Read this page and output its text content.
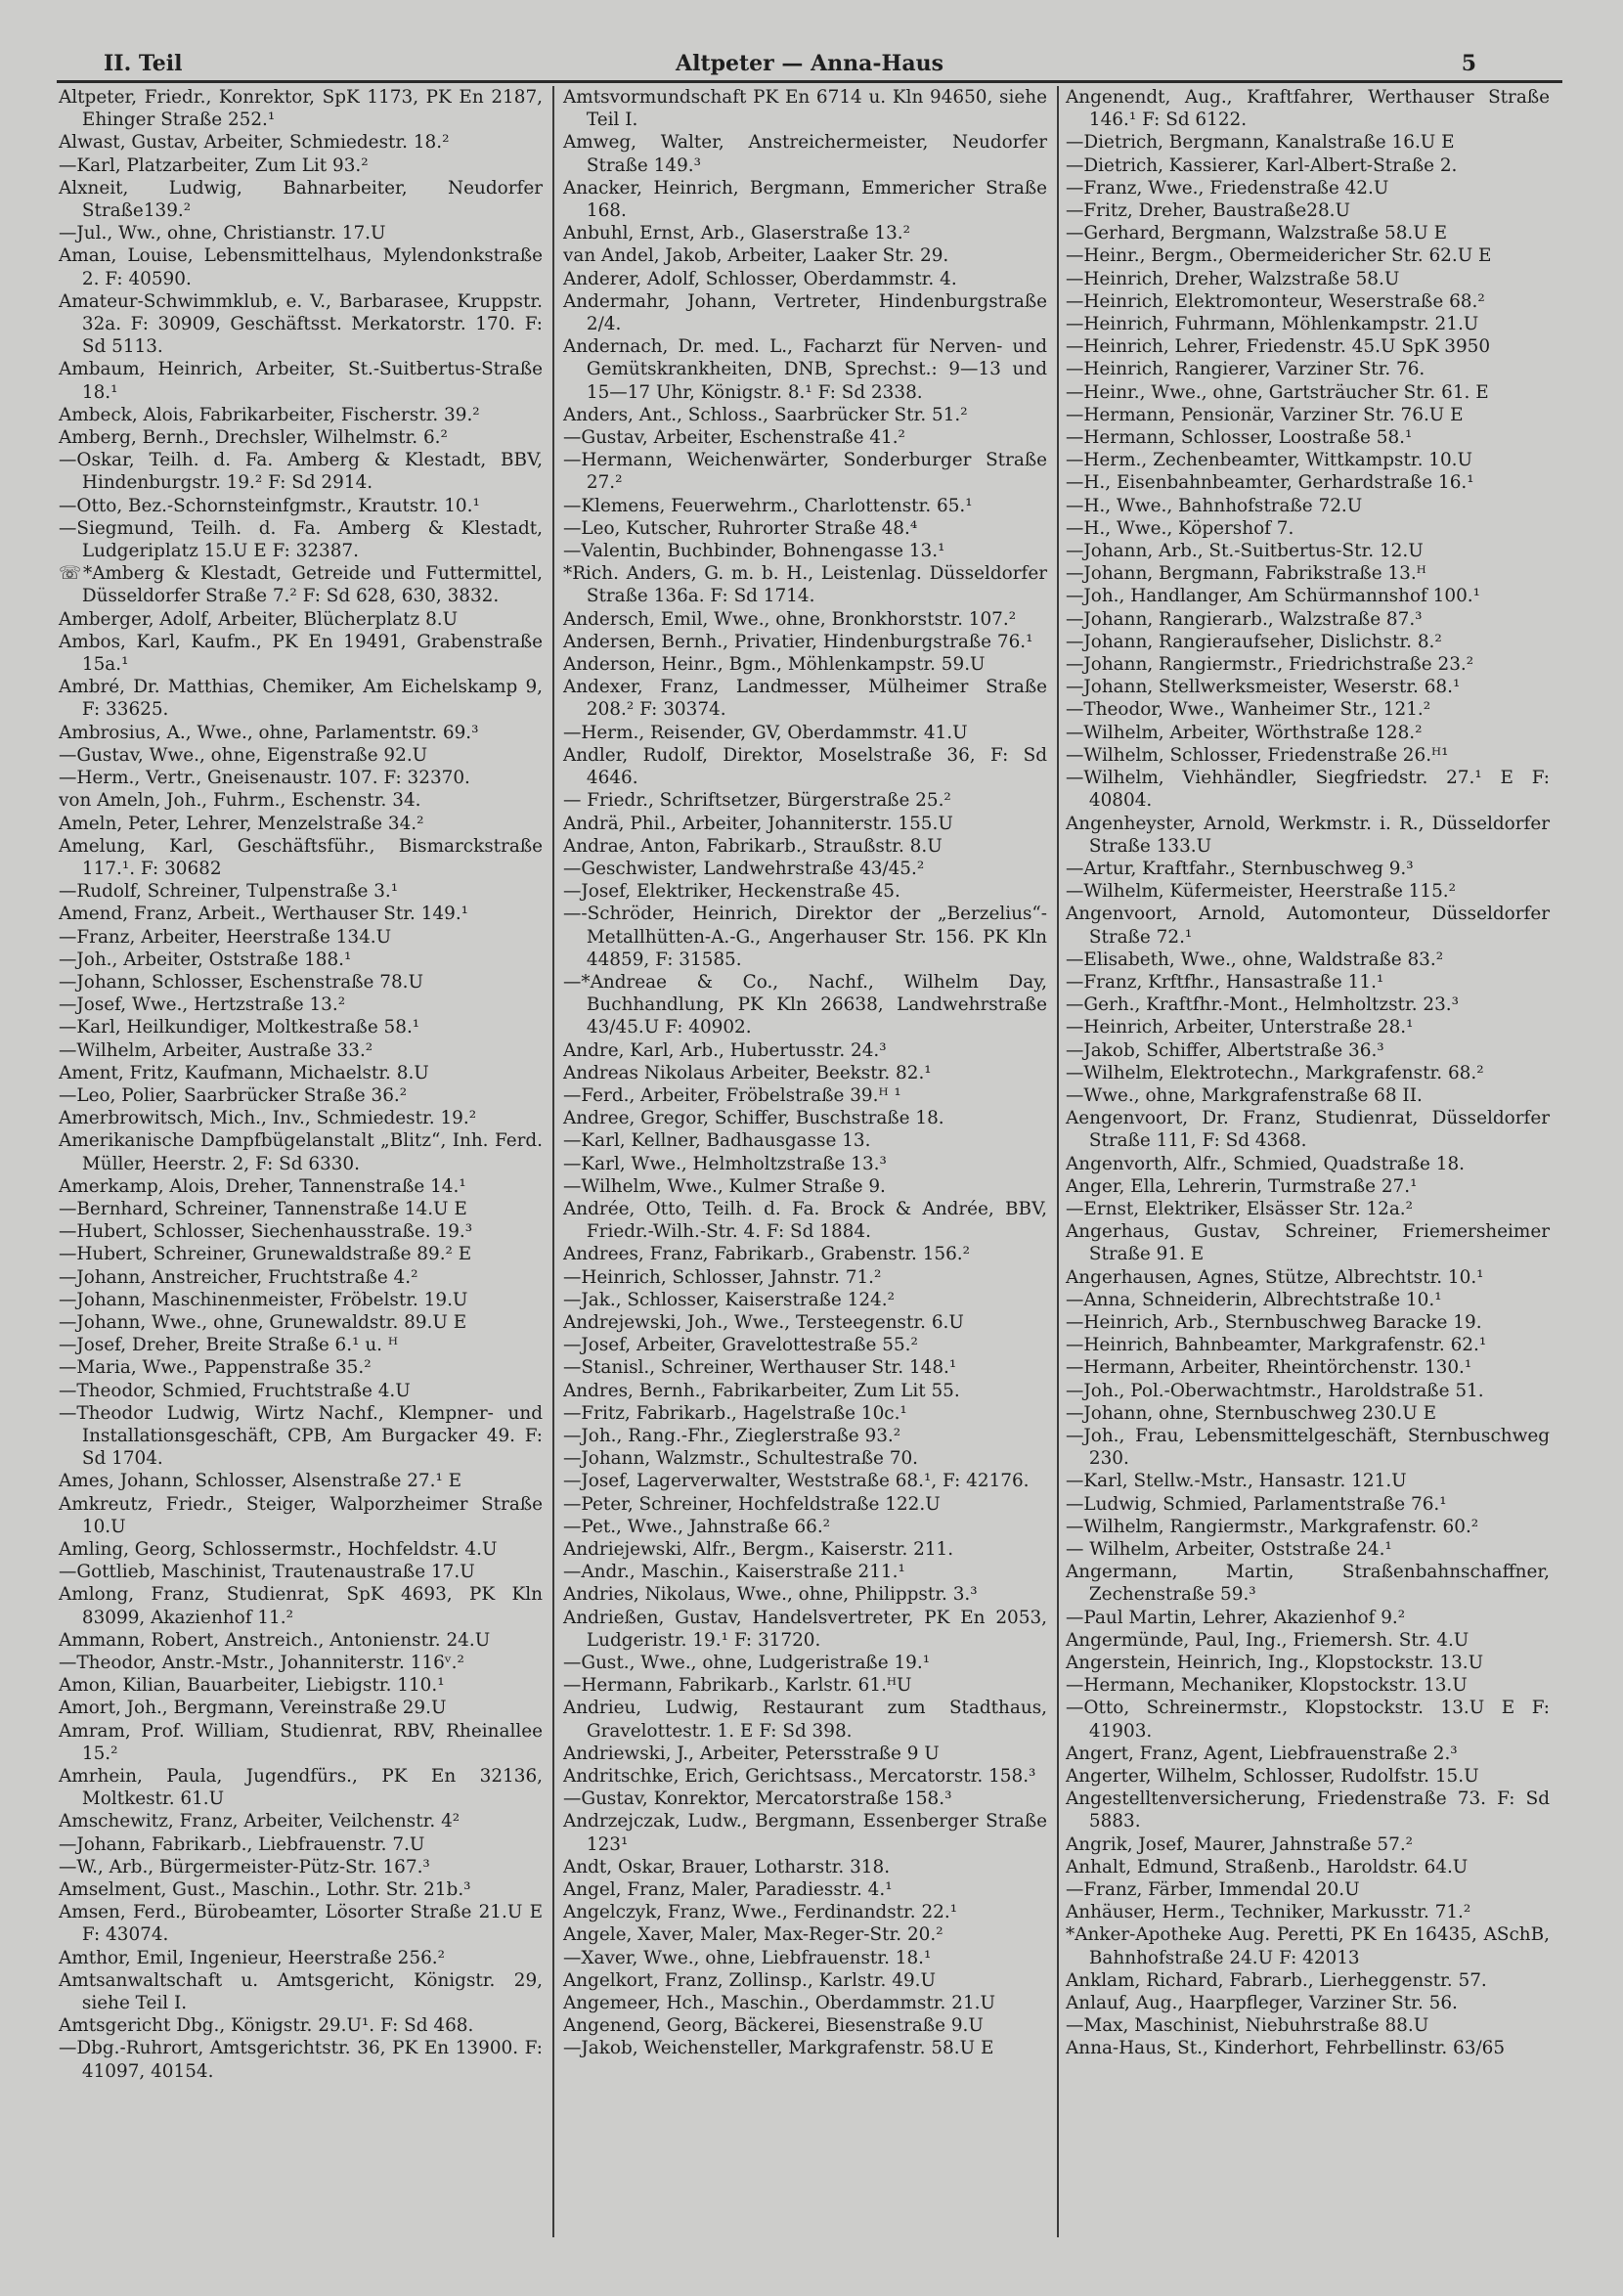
II. Teil	Altpeter — Anna-Haus	5
Altpeter, Friedr., Konrektor, SpK 1173, PK En 2187, Ehinger Straße 252.¹
Alwast, Gustav, Arbeiter, Schmiedestr. 18.²
—Karl, Platzarbeiter, Zum Lit 93.²
Alxneit, Ludwig, Bahnarbeiter, Neudorfer Straße139.²
—Jul., Ww., ohne, Christianstr. 17.U
Aman, Louise, Lebensmittelhaus, Mylendonkstraße 2. F: 40590.
Amateur-Schwimmklub, e. V., Barbarasee, Kruppstr. 32a. F: 30909, Geschäftsst. Merkatorstr. 170. F: Sd 5113.
Ambaum, Heinrich, Arbeiter, St.-Suitbertus-Straße 18.¹
Ambeck, Alois, Fabrikarbeiter, Fischerstr. 39.²
Amberg, Bernh., Drechsler, Wilhelmstr. 6.²
—Oskar, Teilh. d. Fa. Amberg & Klestadt, BBV, Hindenburgstr. 19.² F: Sd 2914.
—Otto, Bez.-Schornsteinfgmstr., Krautstr. 10.¹
—Siegmund, Teilh. d. Fa. Amberg & Klestadt, Ludgeriplatz 15.U E F: 32387.
☏ *Amberg & Klestadt, Getreide und Futtermittel, Düsseldorfer Straße 7.² F: Sd 628, 630, 3832.
Amberger, Adolf, Arbeiter, Blücherplatz 8.U
Ambos, Karl, Kaufm., PK En 19491, Grabenstraße 15a.¹
Ambré, Dr. Matthias, Chemiker, Am Eichelskamp 9, F: 33625.
Ambrosius, A., Wwe., ohne, Parlamentstr. 69.³
—Gustav, Wwe., ohne, Eigenstraße 92.U
—Herm., Vertr., Gneisenaustr. 107. F: 32370.
von Ameln, Joh., Fuhrm., Eschenstr. 34.
Ameln, Peter, Lehrer, Menzelstraße 34.²
Amelung, Karl, Geschäftsführ., Bismarckstraße 117.¹. F: 30682
—Rudolf, Schreiner, Tulpenstraße 3.¹
Amend, Franz, Arbeit., Werthauser Str. 149.¹
—Franz, Arbeiter, Heerstraße 134.U
—Joh., Arbeiter, Oststraße 188.¹
—Johann, Schlosser, Eschenstraße 78.U
—Josef, Wwe., Hertzstraße 13.²
—Karl, Heilkundiger, Moltkestraße 58.¹
—Wilhelm, Arbeiter, Austraße 33.²
Ament, Fritz, Kaufmann, Michaelstr. 8.U
—Leo, Polier, Saarbrücker Straße 36.²
Amerbrowitsch, Mich., Inv., Schmiedestr. 19.²
Amerikanische Dampfbügelanstalt „Blitz“, Inh. Ferd. Müller, Heerstr. 2, F: Sd 6330.
Amerkamp, Alois, Dreher, Tannenstraße 14.¹
—Bernhard, Schreiner, Tannenstraße 14.U E
—Hubert, Schlosser, Siechenhausstraße. 19.³
—Hubert, Schreiner, Grunewaldstraße 89.² E
—Johann, Anstreicher, Fruchtstraße 4.²
—Johann, Maschinenmeister, Fröbelstr. 19.U
—Johann, Wwe., ohne, Grunewaldstr. 89.U E
—Josef, Dreher, Breite Straße 6.¹ u. ᴴ
—Maria, Wwe., Pappenstraße 35.²
—Theodor, Schmied, Fruchtstraße 4.U
—Theodor Ludwig, Wirtz Nachf., Klempner- und Installationsgeschäft, CPB, Am Burgacker 49. F: Sd 1704.
Ames, Johann, Schlosser, Alsenstraße 27.¹ E
Amkreutz, Friedr., Steiger, Walporzheimer Straße 10.U
Amling, Georg, Schlossermstr., Hochfeldstr. 4.U
—Gottlieb, Maschinist, Trautenaustraße 17.U
Amlong, Franz, Studienrat, SpK 4693, PK Kln 83099, Akazienhof 11.²
Ammann, Robert, Anstreich., Antonienstr. 24.U
—Theodor, Anstr.-Mstr., Johanniterstr. 116ᵛ.²
Amon, Kilian, Bauarbeiter, Liebigstr. 110.¹
Amort, Joh., Bergmann, Vereinstraße 29.U
Amram, Prof. William, Studienrat, RBV, Rheinallee 15.²
Amrhein, Paula, Jugendfürs., PK En 32136, Moltkestr. 61.U
Amschewitz, Franz, Arbeiter, Veilchenstr. 4²
—Johann, Fabrikarb., Liebfrauenstr. 7.U
—W., Arb., Bürgermeister-Pütz-Str. 167.³
Amselment, Gust., Maschin., Lothr. Str. 21b.³
Amsen, Ferd., Bürobeamter, Lösorter Straße 21.U E F: 43074.
Amthor, Emil, Ingenieur, Heerstraße 256.²
Amtsanwaltschaft u. Amtsgericht, Königstr. 29, siehe Teil I.
Amtsgericht Dbg., Königstr. 29.U¹. F: Sd 468.
—Dbg.-Ruhrort, Amtsgerichtstr. 36, PK En 13900. F: 41097, 40154.
Amtsvormundschaft PK En 6714 u. Kln 94650, siehe Teil I.
Amweg, Walter, Anstreichermeister, Neudorfer Straße 149.³
Anacker, Heinrich, Bergmann, Emmericher Straße 168.
Anbuhl, Ernst, Arb., Glaserstraße 13.²
van Andel, Jakob, Arbeiter, Laaker Str. 29.
Anderer, Adolf, Schlosser, Oberdammstr. 4.
Andermahr, Johann, Vertreter, Hindenburgstraße 2/4.
Andernach, Dr. med. L., Facharzt für Nerven- und Gemütskrankheiten, DNB, Sprechst.: 9—13 und 15—17 Uhr, Königstr. 8.¹ F: Sd 2338.
Anders, Ant., Schloss., Saarbrücker Str. 51.²
—Gustav, Arbeiter, Eschenstraße 41.²
—Hermann, Weichenwärter, Sonderburger Straße 27.²
—Klemens, Feuerwehrm., Charlottenstr. 65.¹
—Leo, Kutscher, Ruhrorter Straße 48.⁴
—Valentin, Buchbinder, Bohnengasse 13.¹
*Rich. Anders, G. m. b. H., Leistenlag. Düsseldorfer Straße 136a. F: Sd 1714.
Andersch, Emil, Wwe., ohne, Bronkhorststr. 107.²
Andersen, Bernh., Privatier, Hindenburgstraße 76.¹
Anderson, Heinr., Bgm., Möhlenkampstr. 59.U
Andexer, Franz, Landmesser, Mülheimer Straße 208.² F: 30374.
—Herm., Reisender, GV, Oberdammstr. 41.U
Andler, Rudolf, Direktor, Moselstraße 36, F: Sd 4646.
— Friedr., Schriftsetzer, Bürgerstraße 25.²
Andrä, Phil., Arbeiter, Johanniterstr. 155.U
Andrae, Anton, Fabrikarb., Straußstr. 8.U
—Geschwister, Landwehrstraße 43/45.²
—Josef, Elektriker, Heckenstraße 45.
—-Schröder, Heinrich, Direktor der „Berzelius“-Metallhütten-A.-G., Angerhauser Str. 156. PK Kln 44859, F: 31585.
—*Andreae & Co., Nachf., Wilhelm Day, Buchhandlung, PK Kln 26638, Landwehrstraße 43/45.U F: 40902.
Andre, Karl, Arb., Hubertusstr. 24.³
Andreas Nikolaus Arbeiter, Beekstr. 82.¹
—Ferd., Arbeiter, Fröbelstraße 39.ᴴ ¹
Andree, Gregor, Schiffer, Buschstraße 18.
—Karl, Kellner, Badhausgasse 13.
—Karl, Wwe., Helmholtzstraße 13.³
—Wilhelm, Wwe., Kulmer Straße 9.
Andrée, Otto, Teilh. d. Fa. Brock & Andrée, BBV, Friedr.-Wilh.-Str. 4. F: Sd 1884.
Andrees, Franz, Fabrikarb., Grabenstr. 156.²
—Heinrich, Schlosser, Jahnstr. 71.²
—Jak., Schlosser, Kaiserstraße 124.²
Andrejewski, Joh., Wwe., Tersteegenstr. 6.U
—Josef, Arbeiter, Gravelottestraße 55.²
—Stanisl., Schreiner, Werthauser Str. 148.¹
Andres, Bernh., Fabrikarbeiter, Zum Lit 55.
—Fritz, Fabrikarb., Hagelstraße 10c.¹
—Joh., Rang.-Fhr., Zieglerstraße 93.²
—Johann, Walzmstr., Schultestraße 70.
—Josef, Lagerverwalter, Weststraße 68.¹, F: 42176.
—Peter, Schreiner, Hochfeldstraße 122.U
—Pet., Wwe., Jahnstraße 66.²
Andriejewski, Alfr., Bergm., Kaiserstr. 211.
—Andr., Maschin., Kaiserstraße 211.¹
Andries, Nikolaus, Wwe., ohne, Philippstr. 3.³
Andrießen, Gustav, Handelsvertreter, PK En 2053, Ludgeristr. 19.¹ F: 31720.
—Gust., Wwe., ohne, Ludgeristraße 19.¹
—Hermann, Fabrikarb., Karlstr. 61.ᴴU
Andrieu, Ludwig, Restaurant zum Stadthaus, Gravelottestr. 1. E F: Sd 398.
Andriewski, J., Arbeiter, Petersstraße 9 U
Andritschke, Erich, Gerichtsass., Mercatorstr. 158.³
—Gustav, Konrektor, Mercatorstraße 158.³
Andrzejczak, Ludw., Bergmann, Essenberger Straße 123¹
Andt, Oskar, Brauer, Lotharstr. 318.
Angel, Franz, Maler, Paradiesstr. 4.¹
Angelczyk, Franz, Wwe., Ferdinandstr. 22.¹
Angele, Xaver, Maler, Max-Reger-Str. 20.²
—Xaver, Wwe., ohne, Liebfrauenstr. 18.¹
Angelkort, Franz, Zollinsp., Karlstr. 49.U
Angemeer, Hch., Maschin., Oberdammstr. 21.U
Angenend, Georg, Bäckerei, Biesenstraße 9.U
—Jakob, Weichensteller, Markgrafenstr. 58.U E
Angenendt, Aug., Kraftfahrer, Werthauser Straße 146.¹ F: Sd 6122.
—Dietrich, Bergmann, Kanalstraße 16.U E
—Dietrich, Kassierer, Karl-Albert-Straße 2.
—Franz, Wwe., Friedenstraße 42.U
—Fritz, Dreher, Baustraße28.U
—Gerhard, Bergmann, Walzstraße 58.U E
—Heinr., Bergm., Obermeidericher Str. 62.U E
—Heinrich, Dreher, Walzstraße 58.U
—Heinrich, Elektromonteur, Weserstraße 68.²
—Heinrich, Fuhrmann, Möhlenkampstr. 21.U
—Heinrich, Lehrer, Friedenstr. 45.U SpK 3950
—Heinrich, Rangierer, Varziner Str. 76.
—Heinr., Wwe., ohne, Gartsträucher Str. 61. E
—Hermann, Pensionär, Varziner Str. 76.U E
—Hermann, Schlosser, Loostraße 58.¹
—Herm., Zechenbeamter, Wittkampstr. 10.U
—H., Eisenbahnbeamter, Gerhardstraße 16.¹
—H., Wwe., Bahnhofstraße 72.U
—H., Wwe., Köpershof 7.
—Johann, Arb., St.-Suitbertus-Str. 12.U
—Johann, Bergmann, Fabrikstraße 13.ᴴ
—Joh., Handlanger, Am Schürmannshof 100.¹
—Johann, Rangierarb., Walzstraße 87.³
—Johann, Rangieraufseher, Dislichstr. 8.²
—Johann, Rangiermstr., Friedrichstraße 23.²
—Johann, Stellwerksmeister, Weserstr. 68.¹
—Theodor, Wwe., Wanheimer Str., 121.²
—Wilhelm, Arbeiter, Wörthstraße 128.²
—Wilhelm, Schlosser, Friedenstraße 26.ᴴ¹
—Wilhelm, Viehhändler, Siegfriedstr. 27.¹ E F: 40804.
Angenheyster, Arnold, Werkmstr. i. R., Düsseldorfer Straße 133.U
—Artur, Kraftfahr., Sternbuschweg 9.³
—Wilhelm, Küfermeister, Heerstraße 115.²
Angenvoort, Arnold, Automonteur, Düsseldorfer Straße 72.¹
—Elisabeth, Wwe., ohne, Waldstraße 83.²
—Franz, Krftfhr., Hansastraße 11.¹
—Gerh., Kraftfhr.-Mont., Helmholtzstr. 23.³
—Heinrich, Arbeiter, Unterstraße 28.¹
—Jakob, Schiffer, Albertstraße 36.³
—Wilhelm, Elektrotechn., Markgrafenstr. 68.²
—Wwe., ohne, Markgrafenstraße 68 II.
Aengenvoort, Dr. Franz, Studienrat, Düsseldorfer Straße 111, F: Sd 4368.
Angenvorth, Alfr., Schmied, Quadstraße 18.
Anger, Ella, Lehrerin, Turmstraße 27.¹
—Ernst, Elektriker, Elsässer Str. 12a.²
Angerhaus, Gustav, Schreiner, Friemersheimer Straße 91. E
Angerhausen, Agnes, Stütze, Albrechtstr. 10.¹
—Anna, Schneiderin, Albrechtstraße 10.¹
—Heinrich, Arb., Sternbuschweg Baracke 19.
—Heinrich, Bahnbeamter, Markgrafenstr. 62.¹
—Hermann, Arbeiter, Rheintörchenstr. 130.¹
—Joh., Pol.-Oberwachtmstr., Haroldstraße 51.
—Johann, ohne, Sternbuschweg 230.U E
—Joh., Frau, Lebensmittelgeschäft, Sternbuschweg 230.
—Karl, Stellw.-Mstr., Hansastr. 121.U
—Ludwig, Schmied, Parlamentstraße 76.¹
—Wilhelm, Rangiermstr., Markgrafenstr. 60.²
— Wilhelm, Arbeiter, Oststraße 24.¹
Angermann, Martin, Straßenbahnschaffner, Zechenstraße 59.³
—Paul Martin, Lehrer, Akazienhof 9.²
Angermünde, Paul, Ing., Friemersh. Str. 4.U
Angerstein, Heinrich, Ing., Klopstockstr. 13.U
—Hermann, Mechaniker, Klopstockstr. 13.U
—Otto, Schreinermstr., Klopstockstr. 13.U E F: 41903.
Angert, Franz, Agent, Liebfrauenstraße 2.³
Angerter, Wilhelm, Schlosser, Rudolfstr. 15.U
Angestelltenversicherung, Friedenstraße 73. F: Sd 5883.
Angrik, Josef, Maurer, Jahnstraße 57.²
Anhalt, Edmund, Straßenb., Haroldstr. 64.U
—Franz, Färber, Immendal 20.U
Anhäuser, Herm., Techniker, Markusstr. 71.²
*Anker-Apotheke Aug. Peretti, PK En 16435, ASchB, Bahnhofstraße 24.U F: 42013
Anklam, Richard, Fabrarb., Lierheggenstr. 57.
Anlauf, Aug., Haarpfleger, Varziner Str. 56.
—Max, Maschinist, Niebuhrstraße 88.U
Anna-Haus, St., Kinderhort, Fehrbellinstr. 63/65
